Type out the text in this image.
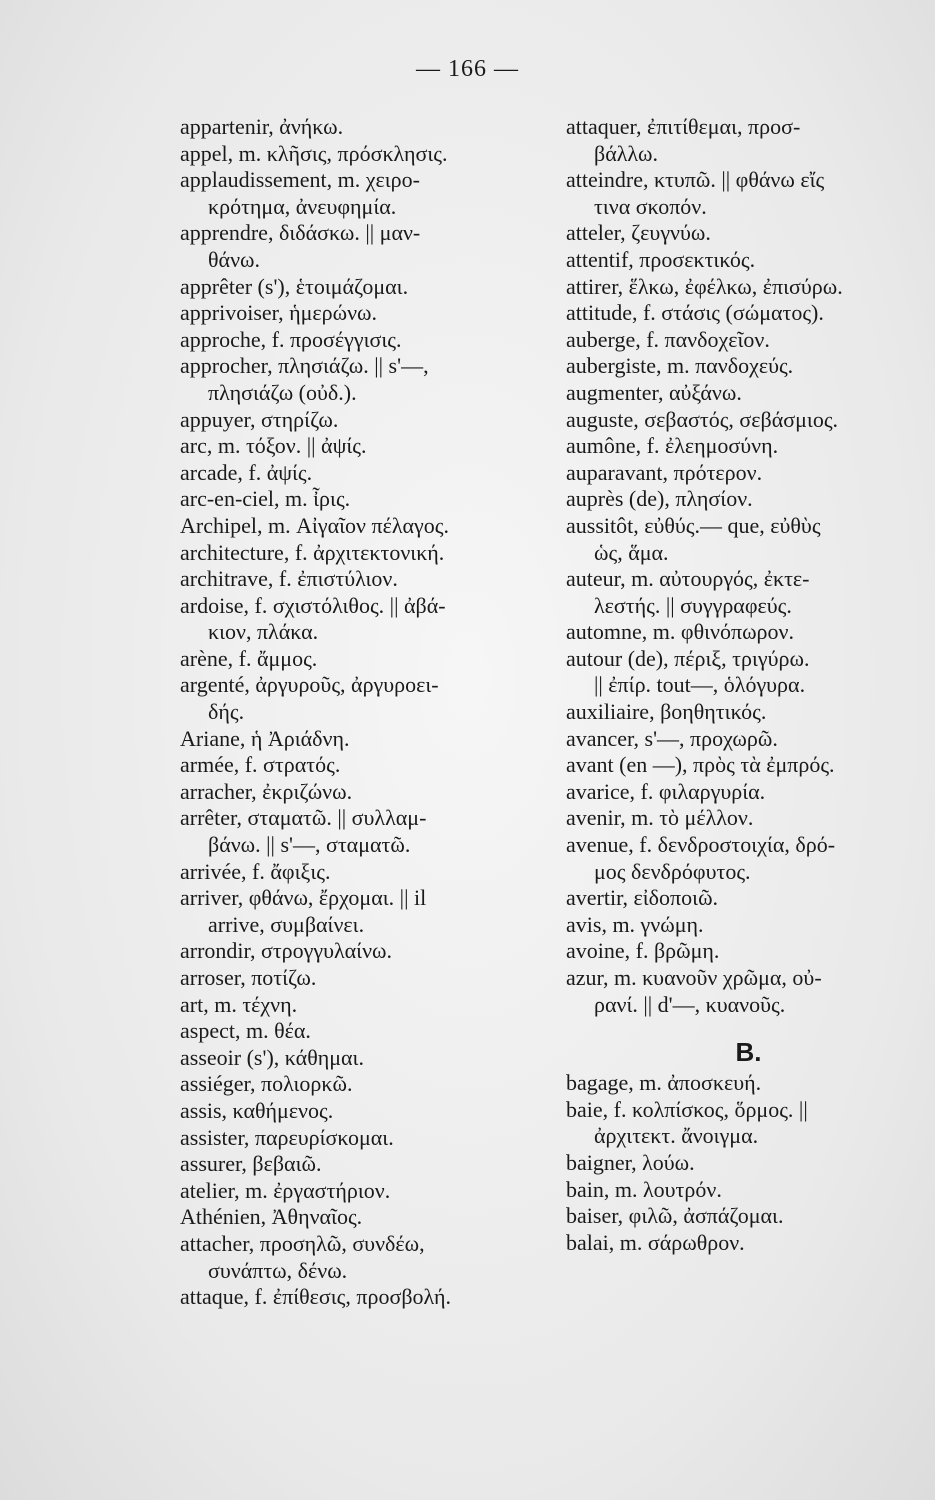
— 166 —
appartenir, ἀνήκω.
appel, m. κλῆσις, πρόσκλησις.
applaudissement, m. χειρο-
κρότημα, ἀνευφημία.
apprendre, διδάσκω. || μαν-
θάνω.
apprêter (s'), ἑτοιμάζομαι.
apprivoiser, ἡμερώνω.
approche, f. προσέγγισις.
approcher, πλησιάζω. || s'—,
πλησιάζω (οὐδ.).
appuyer, στηρίζω.
arc, m. τόξον. || ἀψίς.
arcade, f. ἀψίς.
arc-en-ciel, m. ἶρις.
Archipel, m. Αἰγαῖον πέλαγος.
architecture, f. ἀρχιτεκτονική.
architrave, f. ἐπιστύλιον.
ardoise, f. σχιστόλιθος. || ἀβά-
κιον, πλάκα.
arène, f. ἄμμος.
argenté, ἀργυροῦς, ἀργυροει-
δής.
Ariane, ἡ Ἀριάδνη.
armée, f. στρατός.
arracher, ἐκριζώνω.
arrêter, σταματῶ. || συλλαμ-
βάνω. || s'—, σταματῶ.
arrivée, f. ἄφιξις.
arriver, φθάνω, ἔρχομαι. || il
arrive, συμβαίνει.
arrondir, στρογγυλαίνω.
arroser, ποτίζω.
art, m. τέχνη.
aspect, m. θέα.
asseoir (s'), κάθημαι.
assiéger, πολιορκῶ.
assis, καθήμενος.
assister, παρευρίσκομαι.
assurer, βεβαιῶ.
atelier, m. ἐργαστήριον.
Athénien, Ἀθηναῖος.
attacher, προσηλῶ, συνδέω,
συνάπτω, δένω.
attaque, f. ἐπίθεσις, προσβολή.
attaquer, ἐπιτίθεμαι, προσ-
βάλλω.
atteindre, κτυπῶ. || φθάνω εἴς
τινα σκοπόν.
atteler, ζευγνύω.
attentif, προσεκτικός.
attirer, ἕλκω, ἐφέλκω, ἐπισύρω.
attitude, f. στάσις (σώματος).
auberge, f. πανδοχεῖον.
aubergiste, m. πανδοχεύς.
augmenter, αὐξάνω.
auguste, σεβαστός, σεβάσμιος.
aumône, f. ἐλεημοσύνη.
auparavant, πρότερον.
auprès (de), πλησίον.
aussitôt, εὐθύς.— que, εὐθὺς
ὡς, ἅμα.
auteur, m. αὐτουργός, ἐκτε-
λεστής. || συγγραφεύς.
automne, m. φθινόπωρον.
autour (de), πέριξ, τριγύρω.
|| ἐπίρ. tout—, ὁλόγυρα.
auxiliaire, βοηθητικός.
avancer, s'—, προχωρῶ.
avant (en —), πρὸς τὰ ἐμπρός.
avarice, f. φιλαργυρία.
avenir, m. τὸ μέλλον.
avenue, f. δενδροστοιχία, δρό-
μος δενδρόφυτος.
avertir, εἰδοποιῶ.
avis, m. γνώμη.
avoine, f. βρῶμη.
azur, m. κυανοῦν χρῶμα, οὐ-
ρανί. || d'—, κυανοῦς.
B.
bagage, m. ἀποσκευή.
baie, f. κολπίσκος, ὅρμος. ||
ἀρχιτεκτ. ἄνοιγμα.
baigner, λούω.
bain, m. λουτρόν.
baiser, φιλῶ, ἀσπάζομαι.
balai, m. σάρωθρον.
